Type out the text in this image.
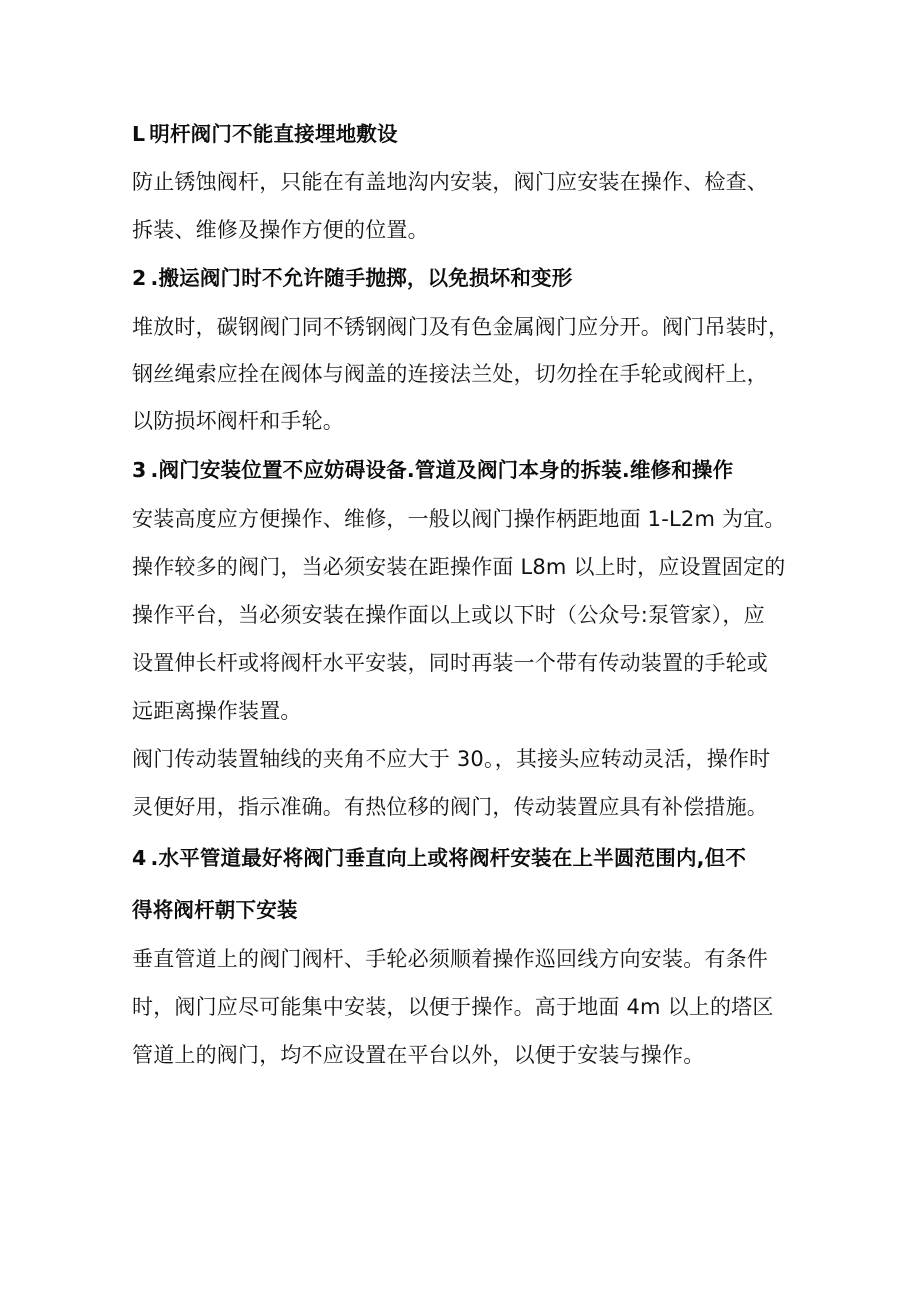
L 明杆阀门不能直接埋地敷设
防止锈蚀阀杆，只能在有盖地沟内安装，阀门应安装在操作、检查、
拆装、维修及操作方便的位置。
2 .搬运阀门时不允许随手抛掷，以免损坏和变形
堆放时，碳钢阀门同不锈钢阀门及有色金属阀门应分开。阀门吊装时，
钢丝绳索应拴在阀体与阀盖的连接法兰处，切勿拴在手轮或阀杆上，
以防损坏阀杆和手轮。
3 .阀门安装位置不应妨碍设备.管道及阀门本身的拆装.维修和操作
安装高度应方便操作、维修，一般以阀门操作柄距地面 1-L2m 为宜。
操作较多的阀门，当必须安装在距操作面 L8m 以上时，应设置固定的
操作平台，当必须安装在操作面以上或以下时（公众号:泵管家），应
设置伸长杆或将阀杆水平安装，同时再装一个带有传动装置的手轮或
远距离操作装置。
阀门传动装置轴线的夹角不应大于 30。，其接头应转动灵活，操作时
灵便好用，指示准确。有热位移的阀门，传动装置应具有补偿措施。
4 .水平管道最好将阀门垂直向上或将阀杆安装在上半圆范围内,但不
得将阀杆朝下安装
垂直管道上的阀门阀杆、手轮必须顺着操作巡回线方向安装。有条件
时，阀门应尽可能集中安装，以便于操作。高于地面 4m 以上的塔区
管道上的阀门，均不应设置在平台以外，以便于安装与操作。
